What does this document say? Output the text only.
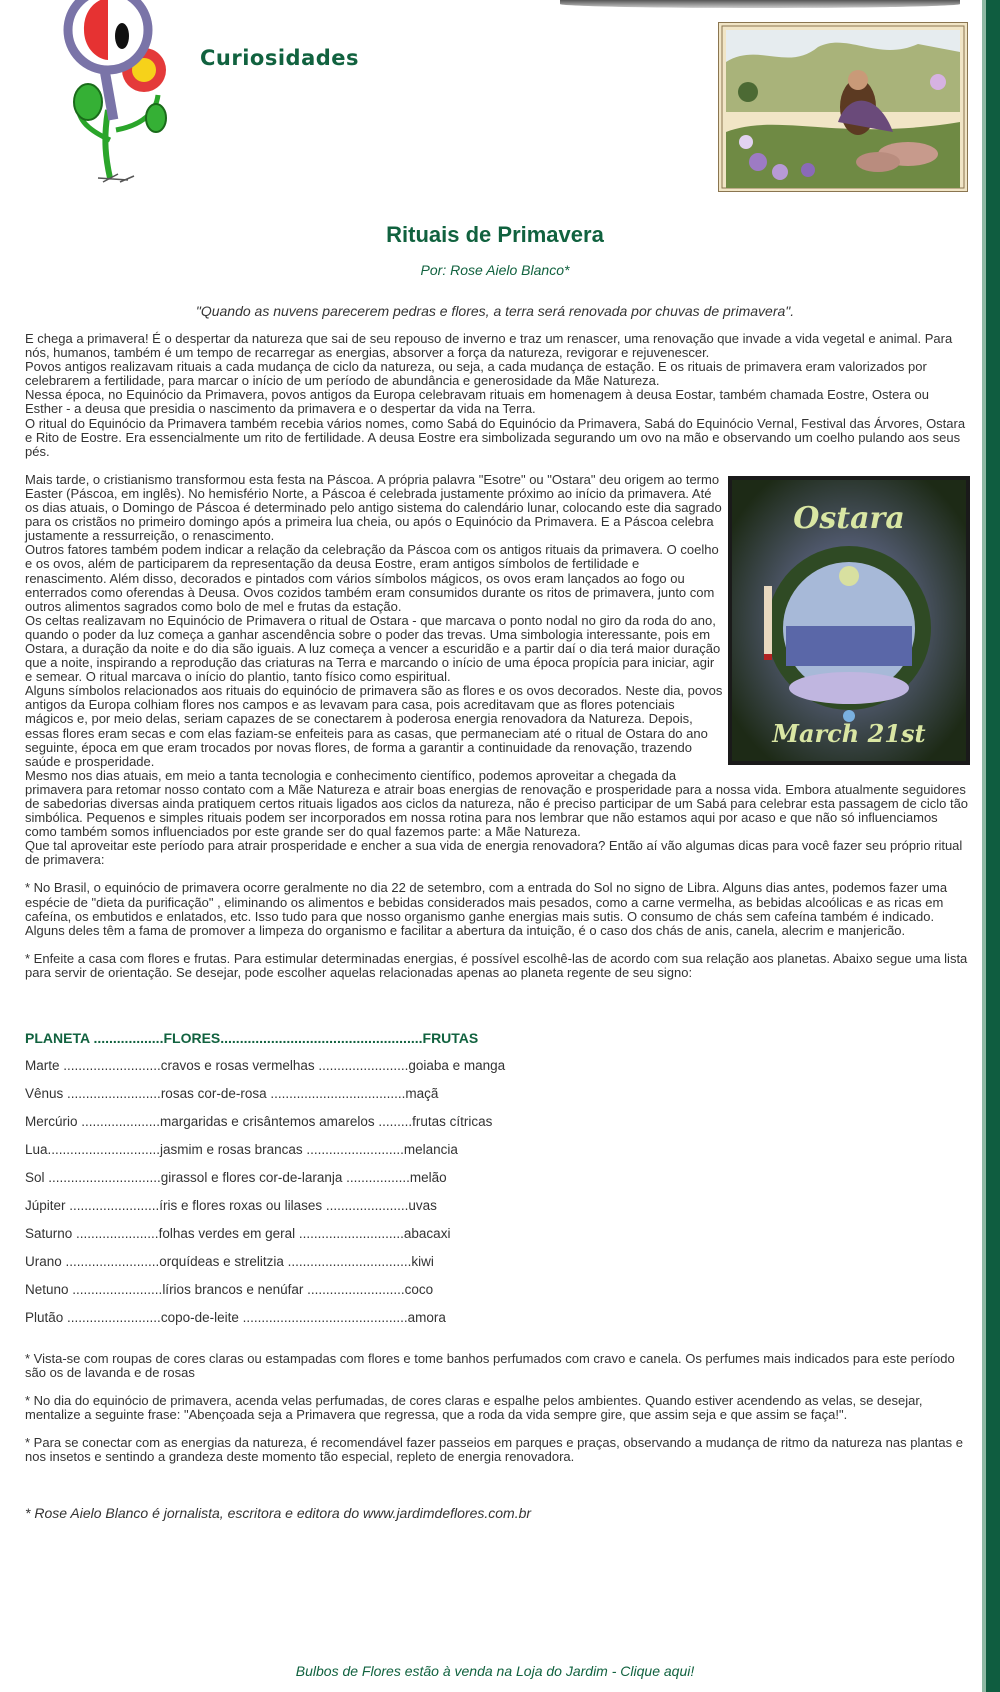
Curiosidades
Rituais de Primavera
Por: Rose Aielo Blanco*
"Quando as nuvens parecerem pedras e flores, a terra será renovada por chuvas de primavera".

E chega a primavera! É o despertar da natureza que sai de seu repouso de inverno e traz um renascer, uma renovação que invade a vida vegetal e animal. Para nós, humanos, também é um tempo de recarregar as energias, absorver a força da natureza, revigorar e rejuvenescer.

Povos antigos realizavam rituais a cada mudança de ciclo da natureza, ou seja, a cada mudança de estação. E os rituais de primavera eram valorizados por celebrarem a fertilidade, para marcar o início de um período de abundância e generosidade da Mãe Natureza.

Nessa época, no Equinócio da Primavera, povos antigos da Europa celebravam rituais em homenagem à deusa Eostar, também chamada Eostre, Ostera ou Esther - a deusa que presidia o nascimento da primavera e o despertar da vida na Terra.

O ritual do Equinócio da Primavera também recebia vários nomes, como Sabá do Equinócio da Primavera, Sabá do Equinócio Vernal, Festival das Árvores, Ostara e Rito de Eostre. Era essencialmente um rito de fertilidade. A deusa Eostre era simbolizada segurando um ovo na mão e observando um coelho pulando aos seus pés.

Ostara
March 21st

Mais tarde, o cristianismo transformou esta festa na Páscoa. A própria palavra "Esotre" ou "Ostara" deu origem ao termo Easter (Páscoa, em inglês). No hemisfério Norte, a Páscoa é celebrada justamente próximo ao início da primavera. Até os dias atuais, o Domingo de Páscoa é determinado pelo antigo sistema do calendário lunar, colocando este dia sagrado para os cristãos no primeiro domingo após a primeira lua cheia, ou após o Equinócio da Primavera. E a Páscoa celebra justamente a ressurreição, o renascimento.

Outros fatores também podem indicar a relação da celebração da Páscoa com os antigos rituais da primavera. O coelho e os ovos, além de participarem da representação da deusa Eostre, eram antigos símbolos de fertilidade e renascimento. Além disso, decorados e pintados com vários símbolos mágicos, os ovos eram lançados ao fogo ou enterrados como oferendas à Deusa. Ovos cozidos também eram consumidos durante os ritos de primavera, junto com outros alimentos sagrados como bolo de mel e frutas da estação.

Os celtas realizavam no Equinócio de Primavera o ritual de Ostara - que marcava o ponto nodal no giro da roda do ano, quando o poder da luz começa a ganhar ascendência sobre o poder das trevas. Uma simbologia interessante, pois em Ostara, a duração da noite e do dia são iguais. A luz começa a vencer a escuridão e a partir daí o dia terá maior duração que a noite, inspirando a reprodução das criaturas na Terra e marcando o início de uma época propícia para iniciar, agir e semear. O ritual marcava o início do plantio, tanto físico como espiritual.

Alguns símbolos relacionados aos rituais do equinócio de primavera são as flores e os ovos decorados. Neste dia, povos antigos da Europa colhiam flores nos campos e as levavam para casa, pois acreditavam que as flores potenciais mágicos e, por meio delas, seriam capazes de se conectarem à poderosa energia renovadora da Natureza. Depois, essas flores eram secas e com elas faziam-se enfeiteis para as casas, que permaneciam até o ritual de Ostara do ano seguinte, época em que eram trocados por novas flores, de forma a garantir a continuidade da renovação, trazendo saúde e prosperidade.

Mesmo nos dias atuais, em meio a tanta tecnologia e conhecimento científico, podemos aproveitar a chegada da primavera para retomar nosso contato com a Mãe Natureza e atrair boas energias de renovação e prosperidade para a nossa vida. Embora atualmente seguidores de sabedorias diversas ainda pratiquem certos rituais ligados aos ciclos da natureza, não é preciso participar de um Sabá para celebrar esta passagem de ciclo tão simbólica. Pequenos e simples rituais podem ser incorporados em nossa rotina para nos lembrar que não estamos aqui por acaso e que não só influenciamos como também somos influenciados por este grande ser do qual fazemos parte: a Mãe Natureza.

Que tal aproveitar este período para atrair prosperidade e encher a sua vida de energia renovadora? Então aí vão algumas dicas para você fazer seu próprio ritual de primavera:

* No Brasil, o equinócio de primavera ocorre geralmente no dia 22 de setembro, com a entrada do Sol no signo de Libra. Alguns dias antes, podemos fazer uma espécie de "dieta da purificação" , eliminando os alimentos e bebidas considerados mais pesados, como a carne vermelha, as bebidas alcoólicas e as ricas em cafeína, os embutidos e enlatados, etc. Isso tudo para que nosso organismo ganhe energias mais sutis. O consumo de chás sem cafeína também é indicado. Alguns deles têm a fama de promover a limpeza do organismo e facilitar a abertura da intuição, é o caso dos chás de anis, canela, alecrim e manjericão.

* Enfeite a casa com flores e frutas. Para estimular determinadas energias, é possível escolhê-las de acordo com sua relação aos planetas. Abaixo segue uma lista para servir de orientação. Se desejar, pode escolher aquelas relacionadas apenas ao planeta regente de seu signo:

PLANETA ..................FLORES....................................................FRUTAS
Marte ..........................cravos e rosas vermelhas ........................goiaba e manga
Vênus .........................rosas cor-de-rosa ....................................maçã
Mercúrio .....................margaridas e crisântemos amarelos .........frutas cítricas
Lua..............................jasmim e rosas brancas ..........................melancia
Sol ..............................girassol e flores cor-de-laranja .................melão
Júpiter ........................íris e flores roxas ou lilases ......................uvas
Saturno ......................folhas verdes em geral ............................abacaxi
Urano .........................orquídeas e strelitzia .................................kiwi
Netuno ........................lírios brancos e nenúfar ..........................coco
Plutão .........................copo-de-leite ............................................amora

* Vista-se com roupas de cores claras ou estampadas com flores e tome banhos perfumados com cravo e canela. Os perfumes mais indicados para este período são os de lavanda e de rosas

* No dia do equinócio de primavera, acenda velas perfumadas, de cores claras e espalhe pelos ambientes. Quando estiver acendendo as velas, se desejar, mentalize a seguinte frase: "Abençoada seja a Primavera que regressa, que a roda da vida sempre gire, que assim seja e que assim se faça!".

* Para se conectar com as energias da natureza, é recomendável fazer passeios em parques e praças, observando a mudança de ritmo da natureza nas plantas e nos insetos e sentindo a grandeza deste momento tão especial, repleto de energia renovadora.

* Rose Aielo Blanco é jornalista, escritora e editora do www.jardimdeflores.com.br
Bulbos de Flores estão à venda na Loja do Jardim - Clique aqui!
